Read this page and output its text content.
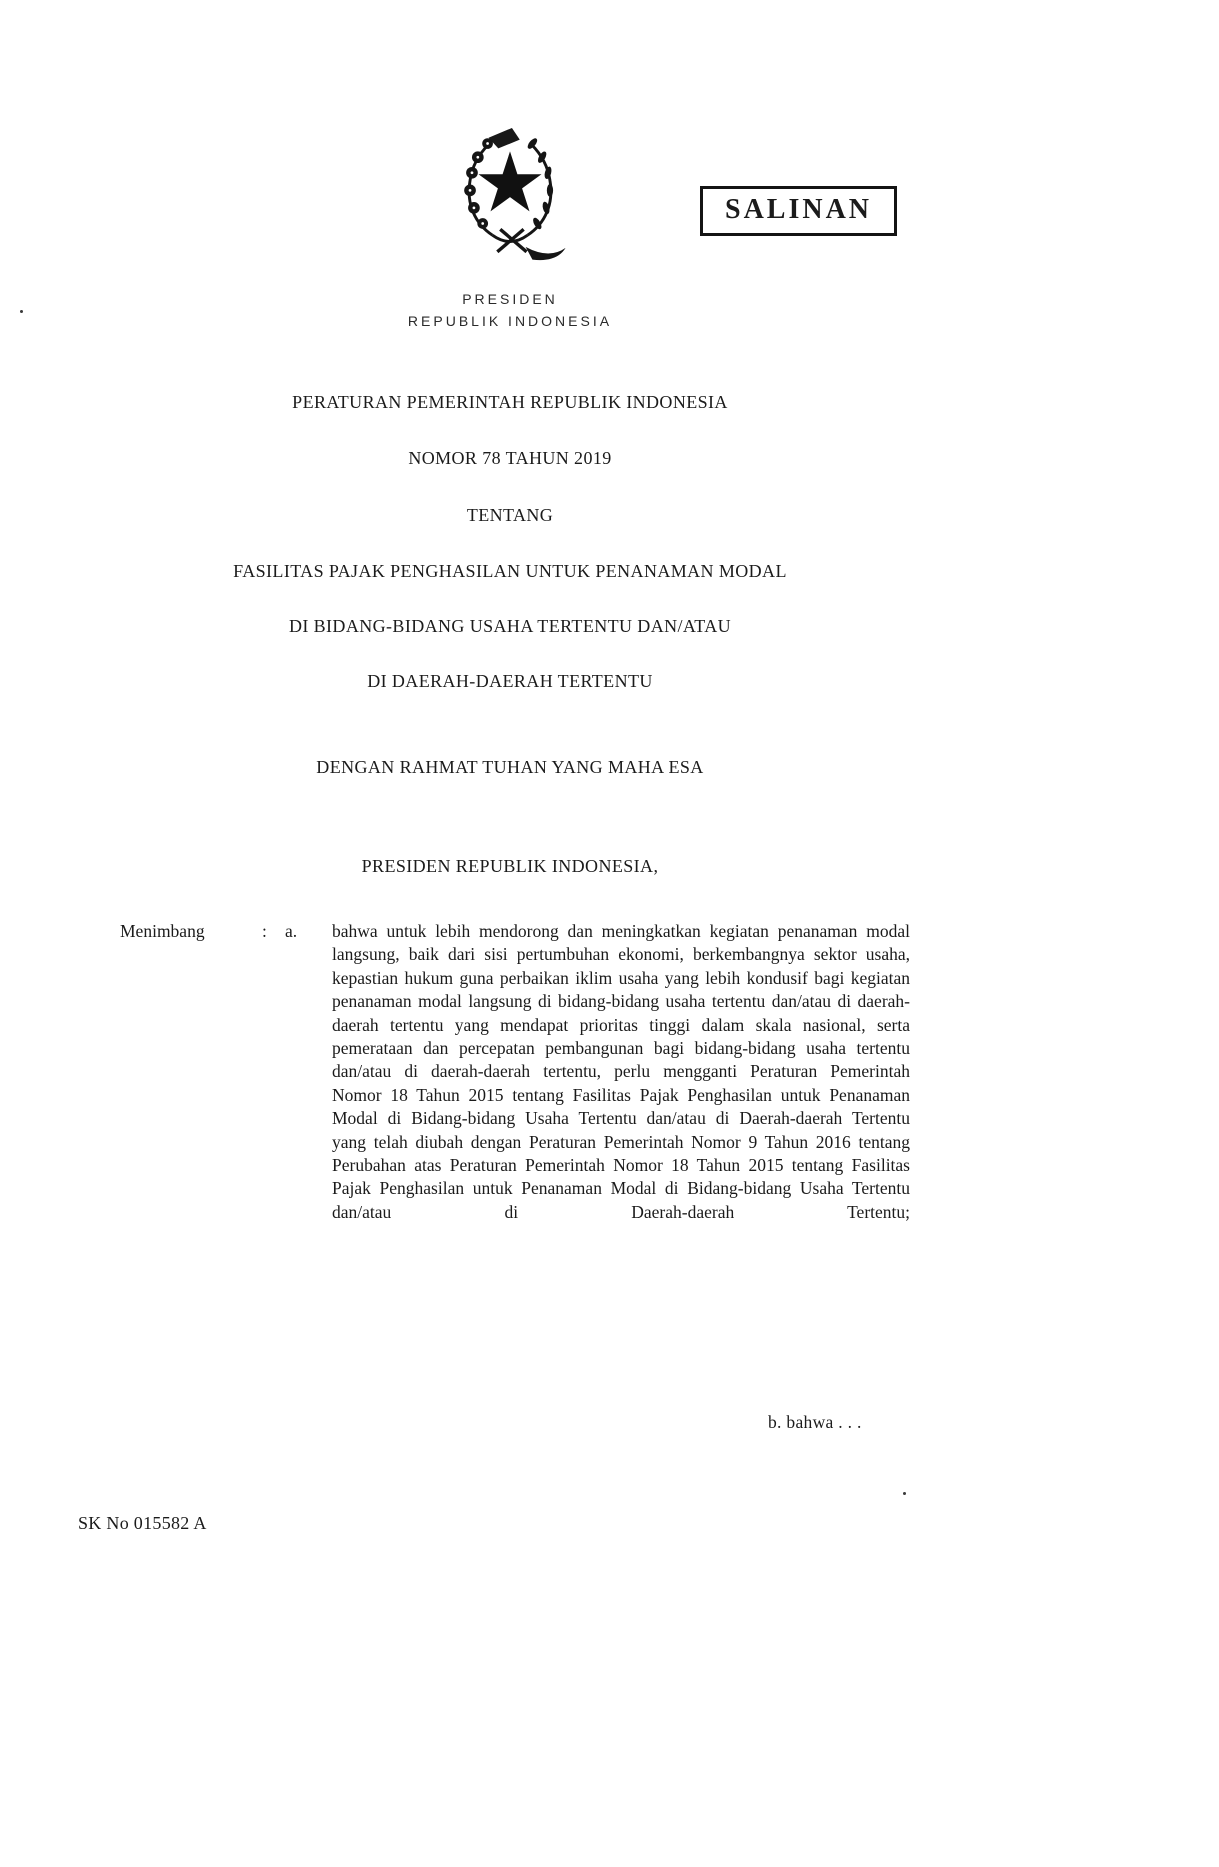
SALINAN
PRESIDEN
REPUBLIK INDONESIA
PERATURAN PEMERINTAH REPUBLIK INDONESIA
NOMOR 78 TAHUN 2019
TENTANG
FASILITAS PAJAK PENGHASILAN UNTUK PENANAMAN MODAL
DI BIDANG-BIDANG USAHA TERTENTU DAN/ATAU
DI DAERAH-DAERAH TERTENTU
DENGAN RAHMAT TUHAN YANG MAHA ESA
PRESIDEN REPUBLIK INDONESIA,
Menimbang	:	a.	bahwa untuk lebih mendorong dan meningkatkan kegiatan penanaman modal langsung, baik dari sisi pertumbuhan ekonomi, berkembangnya sektor usaha, kepastian hukum guna perbaikan iklim usaha yang lebih kondusif bagi kegiatan penanaman modal langsung di bidang-bidang usaha tertentu dan/atau di daerah-daerah tertentu yang mendapat prioritas tinggi dalam skala nasional, serta pemerataan dan percepatan pembangunan bagi bidang-bidang usaha tertentu dan/atau di daerah-daerah tertentu, perlu mengganti Peraturan Pemerintah Nomor 18 Tahun 2015 tentang Fasilitas Pajak Penghasilan untuk Penanaman Modal di Bidang-bidang Usaha Tertentu dan/atau di Daerah-daerah Tertentu yang telah diubah dengan Peraturan Pemerintah Nomor 9 Tahun 2016 tentang Perubahan atas Peraturan Pemerintah Nomor 18 Tahun 2015 tentang Fasilitas Pajak Penghasilan untuk Penanaman Modal di Bidang-bidang Usaha Tertentu dan/atau di Daerah-daerah Tertentu;
b. bahwa . . .
SK No 015582 A
